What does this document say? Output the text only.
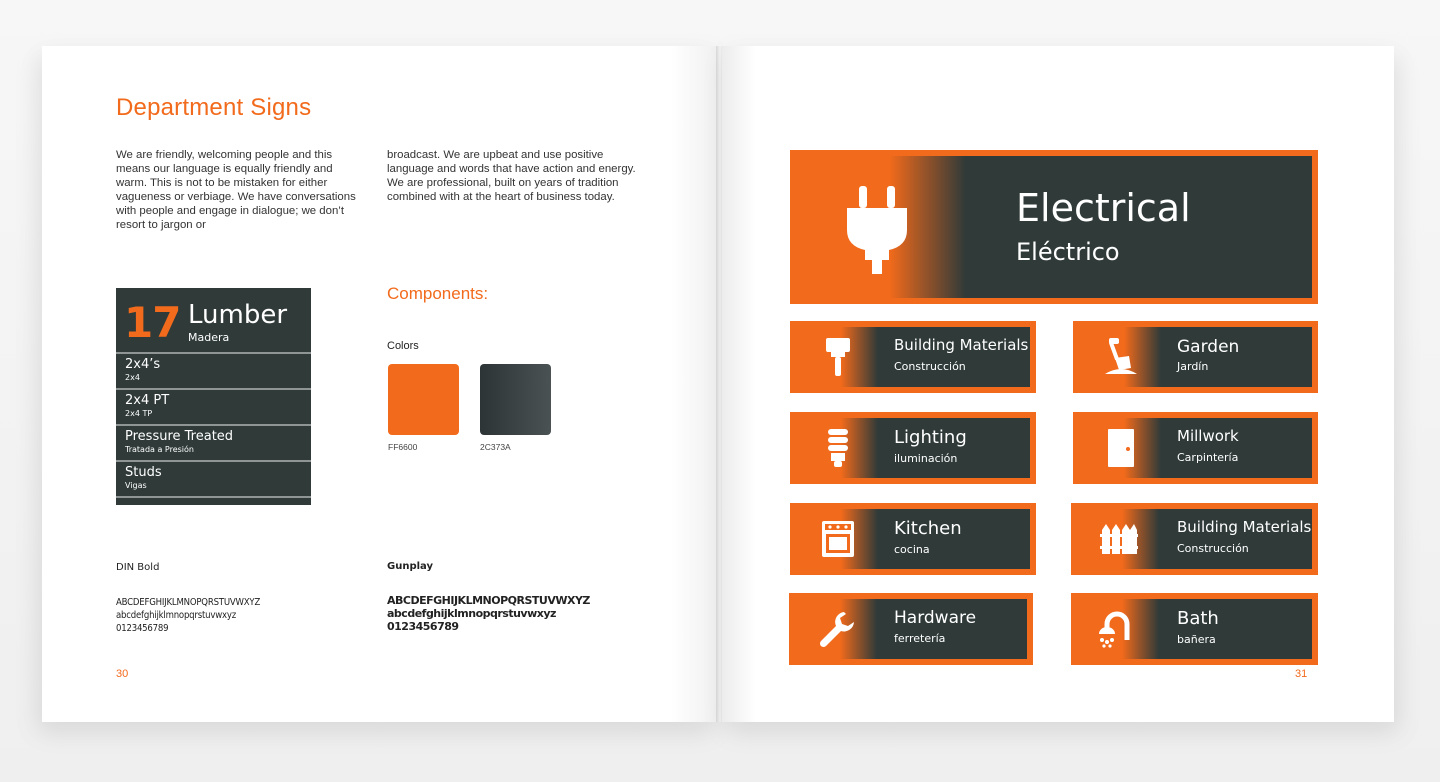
Department Signs
We are friendly, welcoming people and this means our language is equally friendly and warm. This is not to be mistaken for either vagueness or verbiage. We have conversations with people and engage in dialogue; we don’t resort to jargon or
broadcast. We are upbeat and use positive language and words that have action and energy. We are professional, built on years of tradition combined with at the heart of business today.
17 Lumber
Madera
2x4’s
2x4
2x4 PT
2x4 TP
Pressure Treated
Tratada a Presión
Studs
Vigas
Components:
Colors
FF6600	2C373A
DIN Bold
ABCDEFGHIJKLMNOPQRSTUVWXYZ
abcdefghijklmnopqrstuvwxyz
0123456789
Gunplay
ABCDEFGHIJKLMNOPQRSTUVWXYZ
abcdefghijklmnopqrstuvwxyz
0123456789
30
Electrical
Eléctrico
Building Materials
Construcción
Garden
Jardín
Lighting
iluminación
Millwork
Carpintería
Kitchen
cocina
Building Materials
Construcción
Hardware
ferretería
Bath
bañera
31
